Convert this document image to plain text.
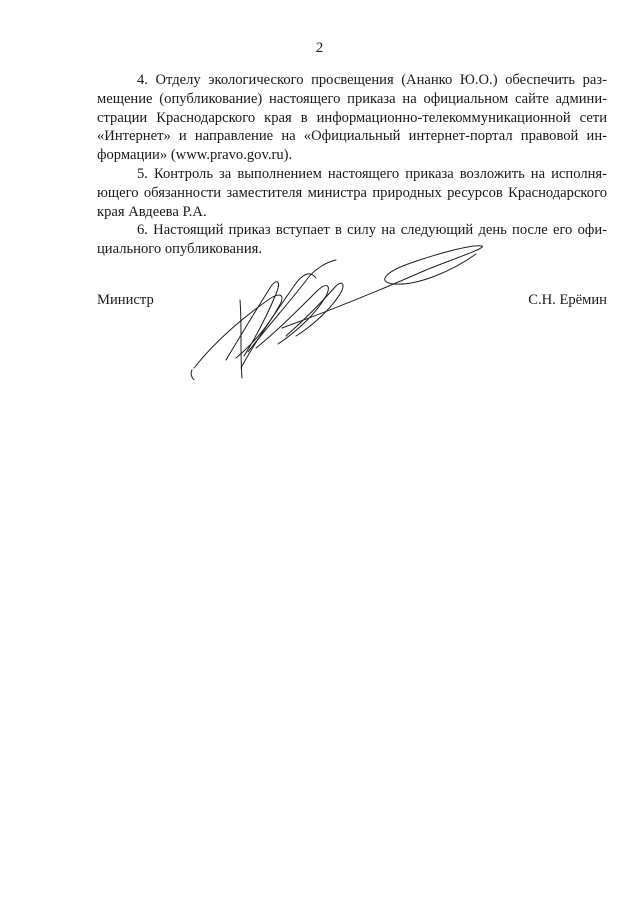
2
4. Отделу экологического просвещения (Ананко Ю.О.) обеспечить раз-
мещение (опубликование) настоящего приказа на официальном сайте админи-
страции Краснодарского края в информационно-телекоммуникационной сети
«Интернет» и направление на «Официальный интернет-портал правовой ин-
формации» (www.pravo.gov.ru).
5. Контроль за выполнением настоящего приказа возложить на исполня-
ющего обязанности заместителя министра природных ресурсов Краснодарского
края Авдеева Р.А.
6. Настоящий приказ вступает в силу на следующий день после его офи-
циального опубликования.
Министр	С.Н. Ерёмин
